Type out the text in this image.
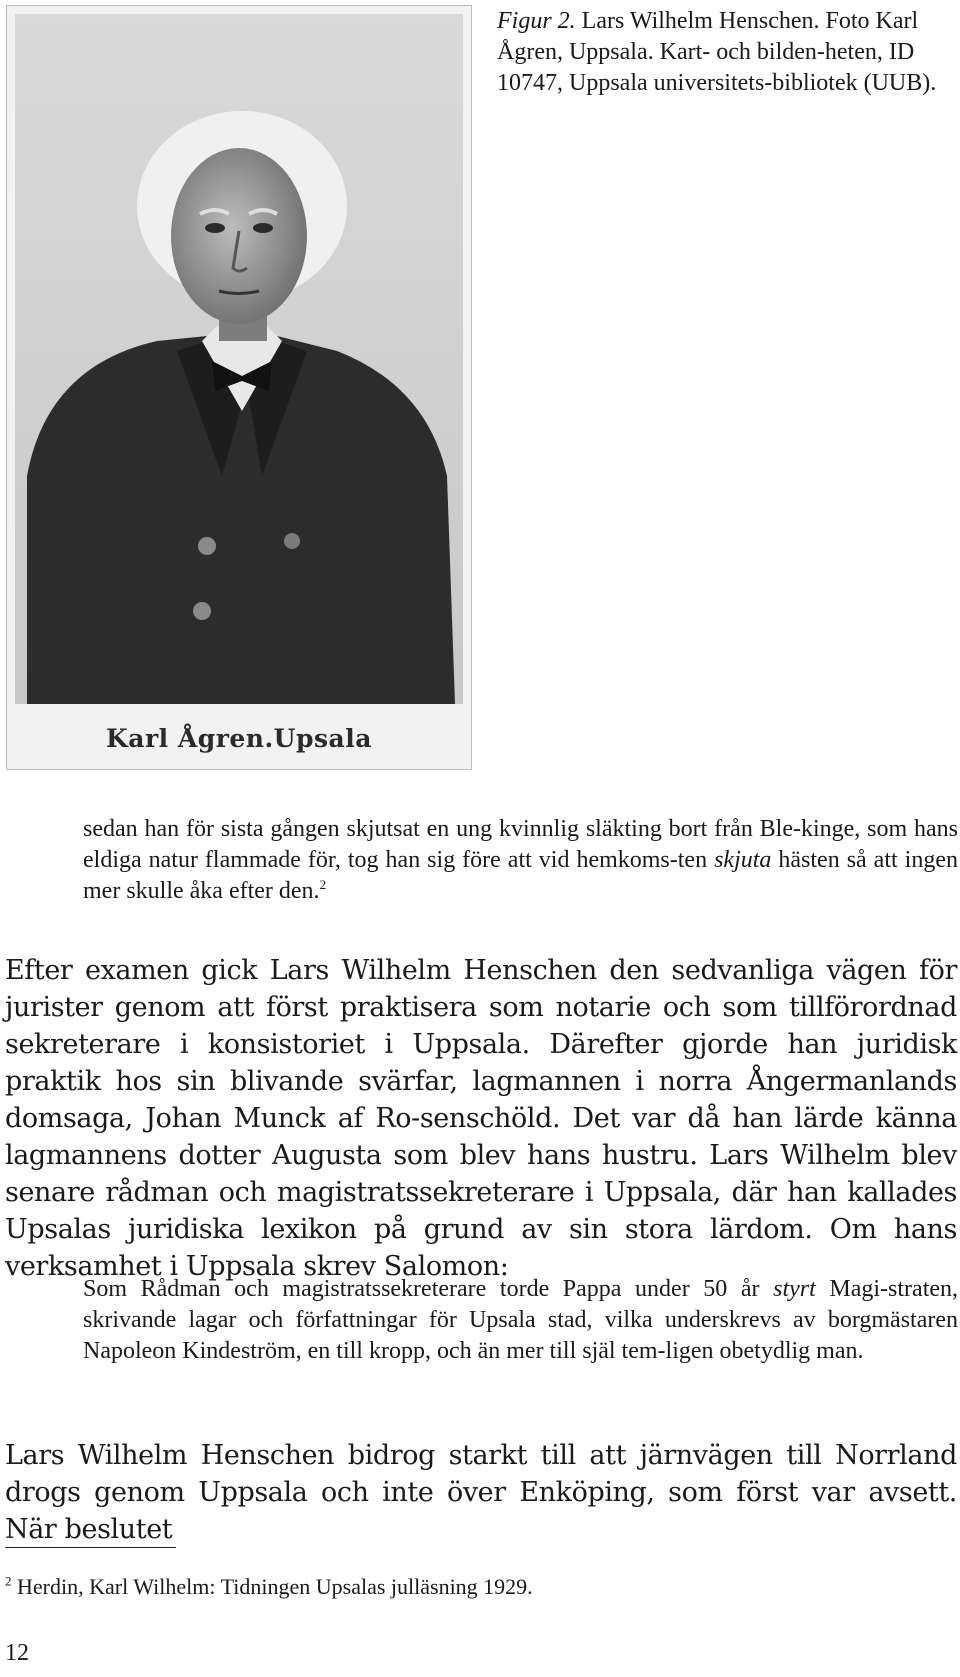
Karl Ågren.Upsala
Figur 2. Lars Wilhelm Henschen. Foto Karl Ågren, Uppsala. Kart- och bilden-heten, ID 10747, Uppsala universitets-bibliotek (UUB).
sedan han för sista gången skjutsat en ung kvinnlig släkting bort från Ble-kinge, som hans eldiga natur flammade för, tog han sig före att vid hemkoms-ten skjuta hästen så att ingen mer skulle åka efter den.$^2$
Efter examen gick Lars Wilhelm Henschen den sedvanliga vägen för jurister genom att först praktisera som notarie och som tillförordnad sekreterare i konsistoriet i Uppsala. Därefter gjorde han juridisk praktik hos sin blivande svärfar, lagmannen i norra Ångermanlands domsaga, Johan Munck af Ro-senschöld. Det var då han lärde känna lagmannens dotter Augusta som blev hans hustru. Lars Wilhelm blev senare rådman och magistratssekreterare i Uppsala, där han kallades Upsalas juridiska lexikon på grund av sin stora lärdom. Om hans verksamhet i Uppsala skrev Salomon:
Som Rådman och magistratssekreterare torde Pappa under 50 år styrt Magi-straten, skrivande lagar och författningar för Upsala stad, vilka underskrevs av borgmästaren Napoleon Kindeström, en till kropp, och än mer till själ tem-ligen obetydlig man.
Lars Wilhelm Henschen bidrog starkt till att järnvägen till Norrland drogs genom Uppsala och inte över Enköping, som först var avsett. När beslutet
$^2$ Herdin, Karl Wilhelm: Tidningen Upsalas julläsning 1929.
12
